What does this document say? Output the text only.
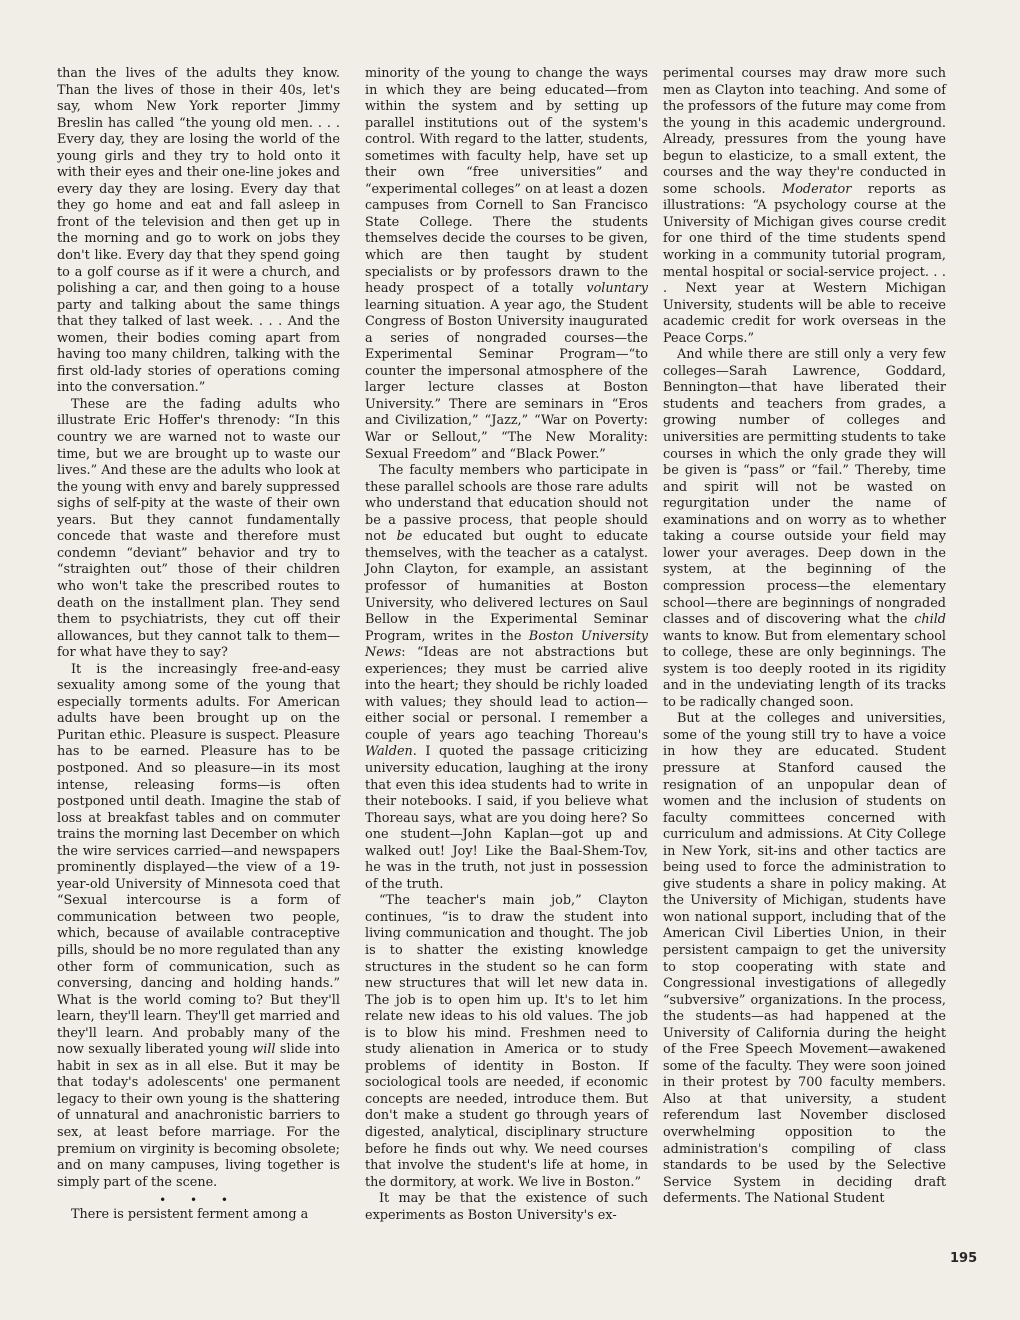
than the lives of the adults they know. Than the lives of those in their 40s, let's say, whom New York reporter Jimmy Breslin has called “the young old men. . . . Every day, they are losing the world of the young girls and they try to hold onto it with their eyes and their one-line jokes and every day they are losing. Every day that they go home and eat and fall asleep in front of the television and then get up in the morning and go to work on jobs they don't like. Every day that they spend going to a golf course as if it were a church, and polishing a car, and then going to a house party and talking about the same things that they talked of last week. . . . And the women, their bodies coming apart from having too many children, talking with the first old-lady stories of operations coming into the conversation.”

These are the fading adults who illustrate Eric Hoffer's threnody: “In this country we are warned not to waste our time, but we are brought up to waste our lives.” And these are the adults who look at the young with envy and barely suppressed sighs of self-pity at the waste of their own years. But they cannot fundamentally concede that waste and therefore must condemn “deviant” behavior and try to “straighten out” those of their children who won't take the prescribed routes to death on the installment plan. They send them to psychiatrists, they cut off their allowances, but they cannot talk to them—for what have they to say?

It is the increasingly free-and-easy sexuality among some of the young that especially torments adults. For American adults have been brought up on the Puritan ethic. Pleasure is suspect. Pleasure has to be earned. Pleasure has to be postponed. And so pleasure—in its most intense, releasing forms—is often postponed until death. Imagine the stab of loss at breakfast tables and on commuter trains the morning last December on which the wire services carried—and newspapers prominently displayed—the view of a 19-year-old University of Minnesota coed that “Sexual intercourse is a form of communication between two people, which, because of available contraceptive pills, should be no more regulated than any other form of communication, such as conversing, dancing and holding hands.” What is the world coming to? But they'll learn, they'll learn. They'll get married and they'll learn. And probably many of the now sexually liberated young will slide into habit in sex as in all else. But it may be that today's adolescents' one permanent legacy to their own young is the shattering of unnatural and anachronistic barriers to sex, at least before marriage. For the premium on virginity is becoming obsolete; and on many campuses, living together is simply part of the scene.

• • •

There is persistent ferment among a

minority of the young to change the ways in which they are being educated—from within the system and by setting up parallel institutions out of the system's control. With regard to the latter, students, sometimes with faculty help, have set up their own “free universities” and “experimental colleges” on at least a dozen campuses from Cornell to San Francisco State College. There the students themselves decide the courses to be given, which are then taught by student specialists or by professors drawn to the heady prospect of a totally voluntary learning situation. A year ago, the Student Congress of Boston University inaugurated a series of nongraded courses—the Experimental Seminar Program—“to counter the impersonal atmosphere of the larger lecture classes at Boston University.” There are seminars in “Eros and Civilization,” “Jazz,” “War on Poverty: War or Sellout,” “The New Morality: Sexual Freedom” and “Black Power.”

The faculty members who participate in these parallel schools are those rare adults who understand that education should not be a passive process, that people should not be educated but ought to educate themselves, with the teacher as a catalyst. John Clayton, for example, an assistant professor of humanities at Boston University, who delivered lectures on Saul Bellow in the Experimental Seminar Program, writes in the Boston University News: “Ideas are not abstractions but experiences; they must be carried alive into the heart; they should be richly loaded with values; they should lead to action—either social or personal. I remember a couple of years ago teaching Thoreau's Walden. I quoted the passage criticizing university education, laughing at the irony that even this idea students had to write in their notebooks. I said, if you believe what Thoreau says, what are you doing here? So one student—John Kaplan—got up and walked out! Joy! Like the Baal-Shem-Tov, he was in the truth, not just in possession of the truth.

“The teacher's main job,” Clayton continues, “is to draw the student into living communication and thought. The job is to shatter the existing knowledge structures in the student so he can form new structures that will let new data in. The job is to open him up. It's to let him relate new ideas to his old values. The job is to blow his mind. Freshmen need to study alienation in America or to study problems of identity in Boston. If sociological tools are needed, if economic concepts are needed, introduce them. But don't make a student go through years of digested, analytical, disciplinary structure before he finds out why. We need courses that involve the student's life at home, in the dormitory, at work. We live in Boston.”

It may be that the existence of such experiments as Boston University's ex-

perimental courses may draw more such men as Clayton into teaching. And some of the professors of the future may come from the young in this academic underground. Already, pressures from the young have begun to elasticize, to a small extent, the courses and the way they're conducted in some schools. Moderator reports as illustrations: “A psychology course at the University of Michigan gives course credit for one third of the time students spend working in a community tutorial program, mental hospital or social-service project. . . . Next year at Western Michigan University, students will be able to receive academic credit for work overseas in the Peace Corps.”

And while there are still only a very few colleges—Sarah Lawrence, Goddard, Bennington—that have liberated their students and teachers from grades, a growing number of colleges and universities are permitting students to take courses in which the only grade they will be given is “pass” or “fail.” Thereby, time and spirit will not be wasted on regurgitation under the name of examinations and on worry as to whether taking a course outside your field may lower your averages. Deep down in the system, at the beginning of the compression process—the elementary school—there are beginnings of nongraded classes and of discovering what the child wants to know. But from elementary school to college, these are only beginnings. The system is too deeply rooted in its rigidity and in the undeviating length of its tracks to be radically changed soon.

But at the colleges and universities, some of the young still try to have a voice in how they are educated. Student pressure at Stanford caused the resignation of an unpopular dean of women and the inclusion of students on faculty committees concerned with curriculum and admissions. At City College in New York, sit-ins and other tactics are being used to force the administration to give students a share in policy making. At the University of Michigan, students have won national support, including that of the American Civil Liberties Union, in their persistent campaign to get the university to stop cooperating with state and Congressional investigations of allegedly “subversive” organizations. In the process, the students—as had happened at the University of California during the height of the Free Speech Movement—awakened some of the faculty. They were soon joined in their protest by 700 faculty members. Also at that university, a student referendum last November disclosed overwhelming opposition to the administration's compiling of class standards to be used by the Selective Service System in deciding draft deferments. The National Student

195
